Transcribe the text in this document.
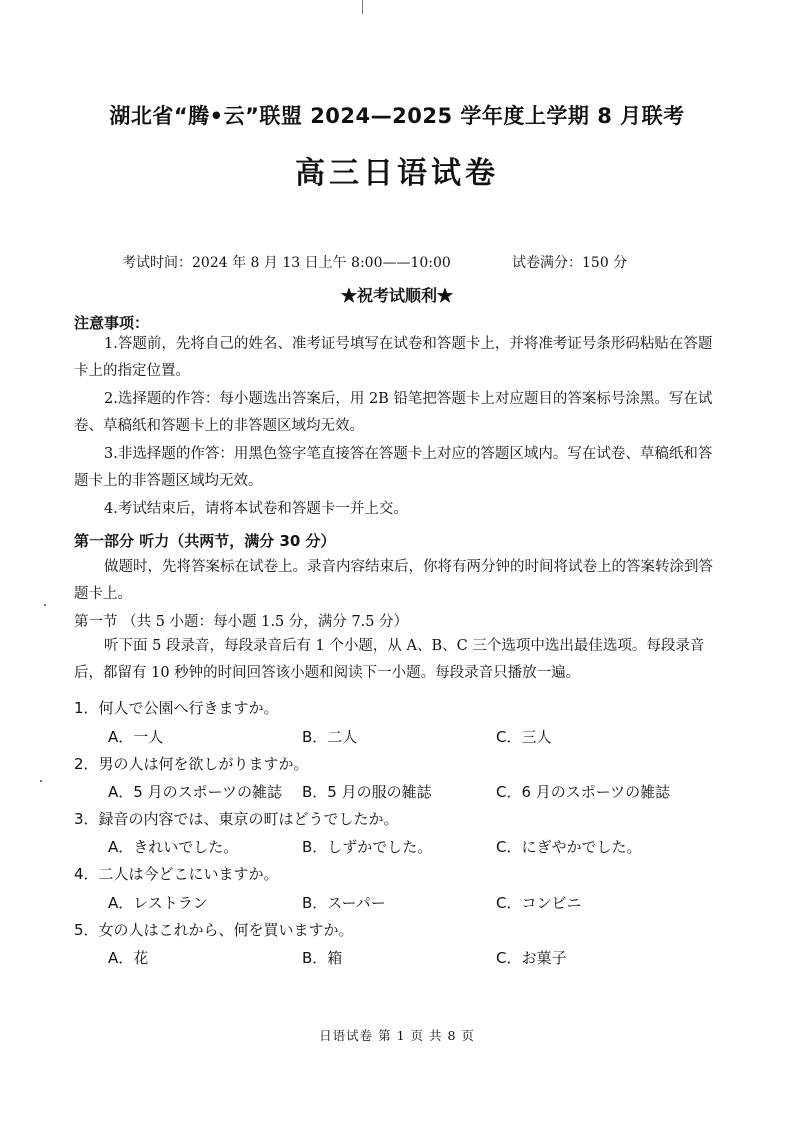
湖北省“腾•云”联盟 2024—2025 学年度上学期 8 月联考
高三日语试卷
考试时间：2024 年 8 月 13 日上午 8:00——10:00	试卷满分：150 分
★祝考试顺利★
注意事项：
1.答题前，先将自己的姓名、准考证号填写在试卷和答题卡上，并将准考证号条形码粘贴在答题卡上的指定位置。
2.选择题的作答：每小题选出答案后，用 2B 铅笔把答题卡上对应题目的答案标号涂黑。写在试卷、草稿纸和答题卡上的非答题区域均无效。
3.非选择题的作答：用黑色签字笔直接答在答题卡上对应的答题区域内。写在试卷、草稿纸和答题卡上的非答题区域均无效。
4.考试结束后，请将本试卷和答题卡一并上交。
第一部分 听力（共两节，满分 30 分）
做题时，先将答案标在试卷上。录音内容结束后，你将有两分钟的时间将试卷上的答案转涂到答题卡上。
第一节 （共 5 小题：每小题 1.5 分，满分 7.5 分）
听下面 5 段录音，每段录音后有 1 个小题，从 A、B、C 三个选项中选出最佳选项。每段录音后，都留有 10 秒钟的时间回答该小题和阅读下一小题。每段录音只播放一遍。
1．何人で公園へ行きますか。
A．一人	B．二人	C．三人
2．男の人は何を欲しがりますか。
A．5 月のスポーツの雑誌 B．5 月の服の雑誌	C．6 月のスポーツの雑誌
3．録音の内容では、東京の町はどうでしたか。
A．きれいでした。	B．しずかでした。	C．にぎやかでした。
4．二人は今どこにいますか。
A．レストラン	B．スーパー	C．コンビニ
5．女の人はこれから、何を買いますか。
A．花	B．箱	C．お菓子
日语试卷 第 1 页 共 8 页
